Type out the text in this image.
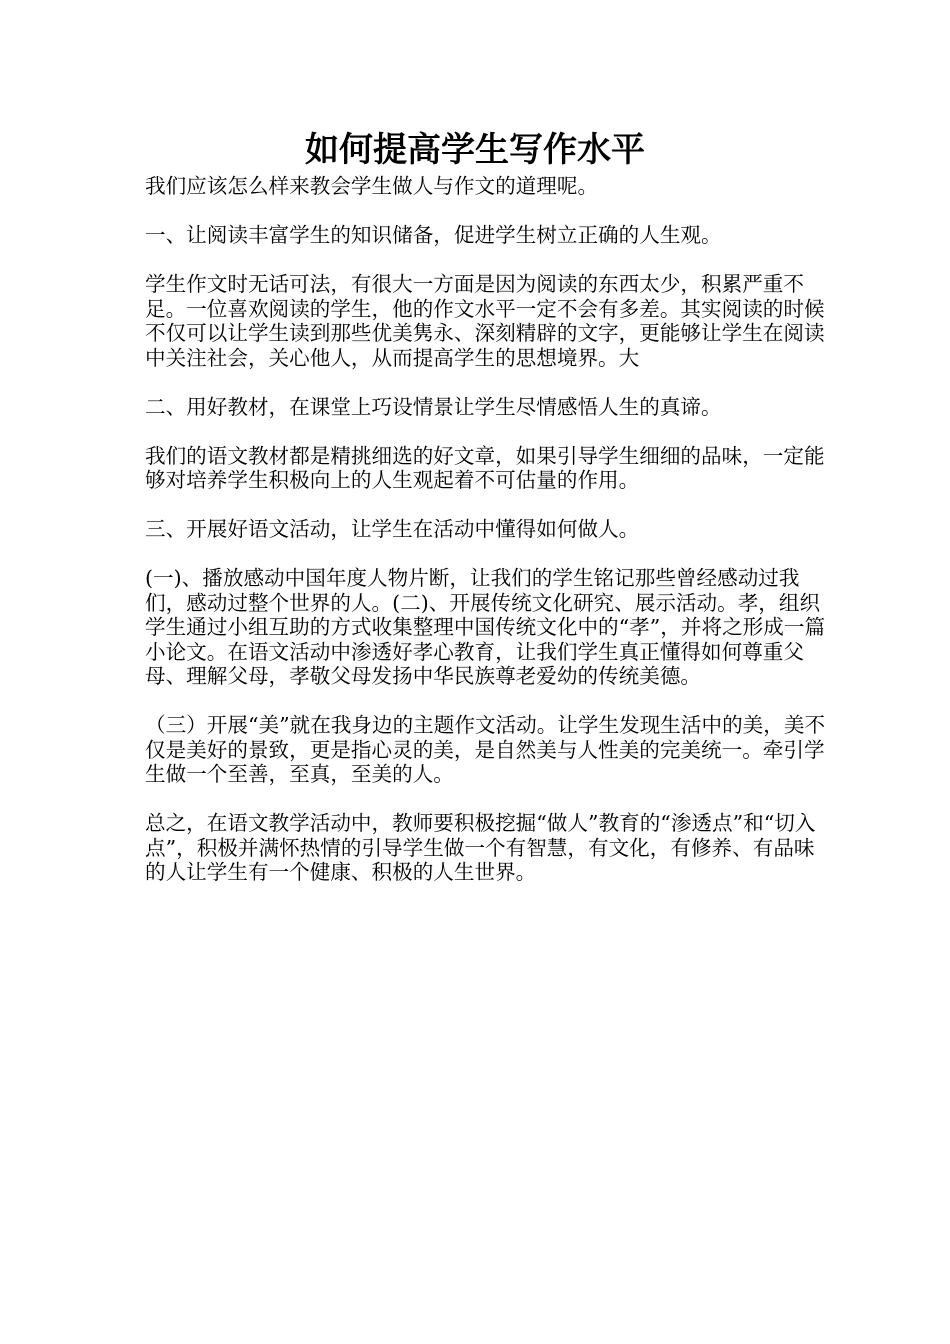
如何提高学生写作水平

我们应该怎么样来教会学生做人与作文的道理呢。

一、让阅读丰富学生的知识储备，促进学生树立正确的人生观。

学生作文时无话可法，有很大一方面是因为阅读的东西太少，积累严重不足。一位喜欢阅读的学生，他的作文水平一定不会有多差。其实阅读的时候不仅可以让学生读到那些优美隽永、深刻精辟的文字，更能够让学生在阅读中关注社会，关心他人，从而提高学生的思想境界。大

二、用好教材，在课堂上巧设情景让学生尽情感悟人生的真谛。

我们的语文教材都是精挑细选的好文章，如果引导学生细细的品味，一定能够对培养学生积极向上的人生观起着不可估量的作用。

三、开展好语文活动，让学生在活动中懂得如何做人。

(一)、播放感动中国年度人物片断，让我们的学生铭记那些曾经感动过我们，感动过整个世界的人。(二)、开展传统文化研究、展示活动。孝，组织学生通过小组互助的方式收集整理中国传统文化中的“孝”，并将之形成一篇小论文。在语文活动中渗透好孝心教育，让我们学生真正懂得如何尊重父母、理解父母，孝敬父母发扬中华民族尊老爱幼的传统美德。

（三）开展“美”就在我身边的主题作文活动。让学生发现生活中的美，美不仅是美好的景致，更是指心灵的美，是自然美与人性美的完美统一。牵引学生做一个至善，至真，至美的人。

总之，在语文教学活动中，教师要积极挖掘“做人”教育的“渗透点”和“切入点”，积极并满怀热情的引导学生做一个有智慧，有文化，有修养、有品味的人让学生有一个健康、积极的人生世界。
